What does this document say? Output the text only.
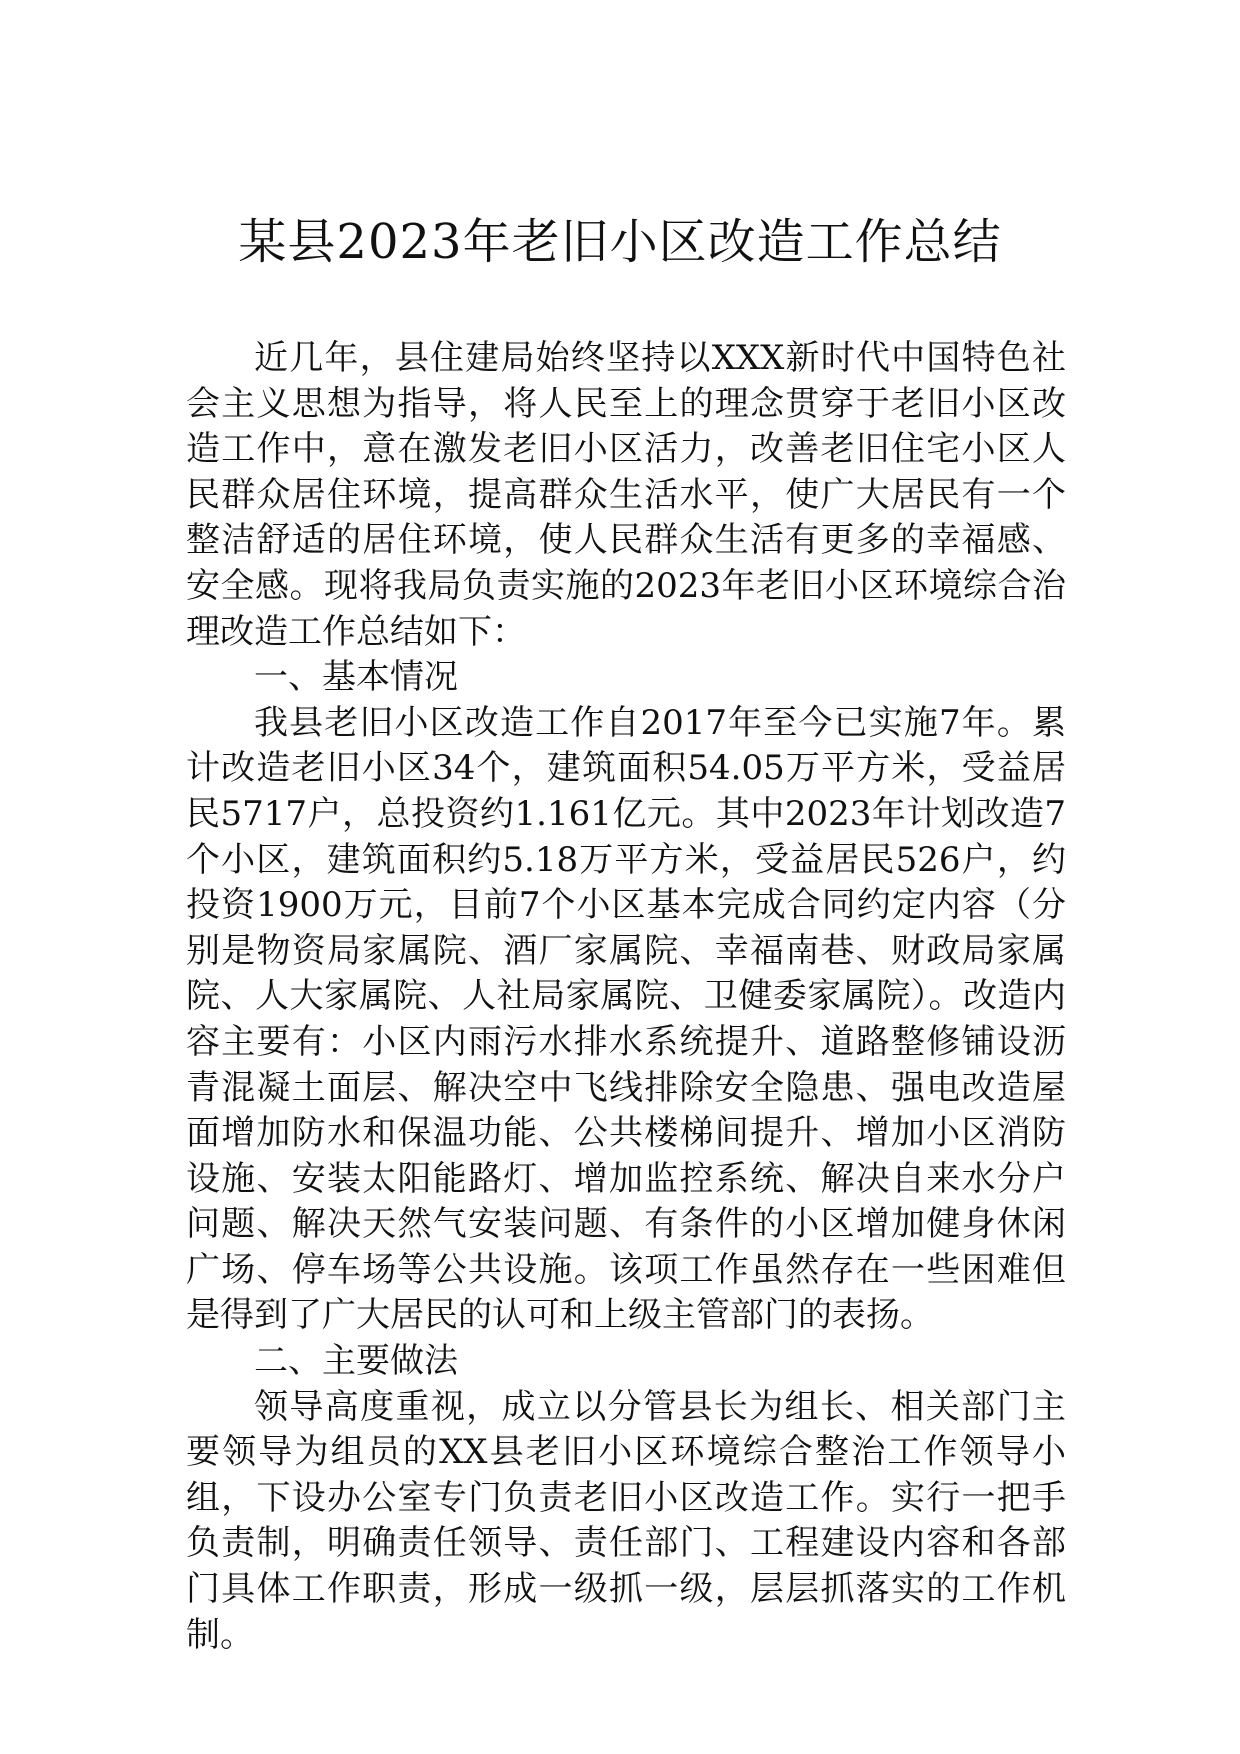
某县2023年老旧小区改造工作总结

近几年，县住建局始终坚持以XXX新时代中国特色社会主义思想为指导，将人民至上的理念贯穿于老旧小区改造工作中，意在激发老旧小区活力，改善老旧住宅小区人民群众居住环境，提高群众生活水平，使广大居民有一个整洁舒适的居住环境，使人民群众生活有更多的幸福感、安全感。现将我局负责实施的2023年老旧小区环境综合治理改造工作总结如下：

一、基本情况

我县老旧小区改造工作自2017年至今已实施7年。累计改造老旧小区34个，建筑面积54.05万平方米，受益居民5717户，总投资约1.161亿元。其中2023年计划改造7个小区，建筑面积约5.18万平方米，受益居民526户，约投资1900万元，目前7个小区基本完成合同约定内容（分别是物资局家属院、酒厂家属院、幸福南巷、财政局家属院、人大家属院、人社局家属院、卫健委家属院）。改造内容主要有：小区内雨污水排水系统提升、道路整修铺设沥青混凝土面层、解决空中飞线排除安全隐患、强电改造屋面增加防水和保温功能、公共楼梯间提升、增加小区消防设施、安装太阳能路灯、增加监控系统、解决自来水分户问题、解决天然气安装问题、有条件的小区增加健身休闲广场、停车场等公共设施。该项工作虽然存在一些困难但是得到了广大居民的认可和上级主管部门的表扬。

二、主要做法

领导高度重视，成立以分管县长为组长、相关部门主要领导为组员的XX县老旧小区环境综合整治工作领导小组，下设办公室专门负责老旧小区改造工作。实行一把手负责制，明确责任领导、责任部门、工程建设内容和各部门具体工作职责，形成一级抓一级，层层抓落实的工作机制。
